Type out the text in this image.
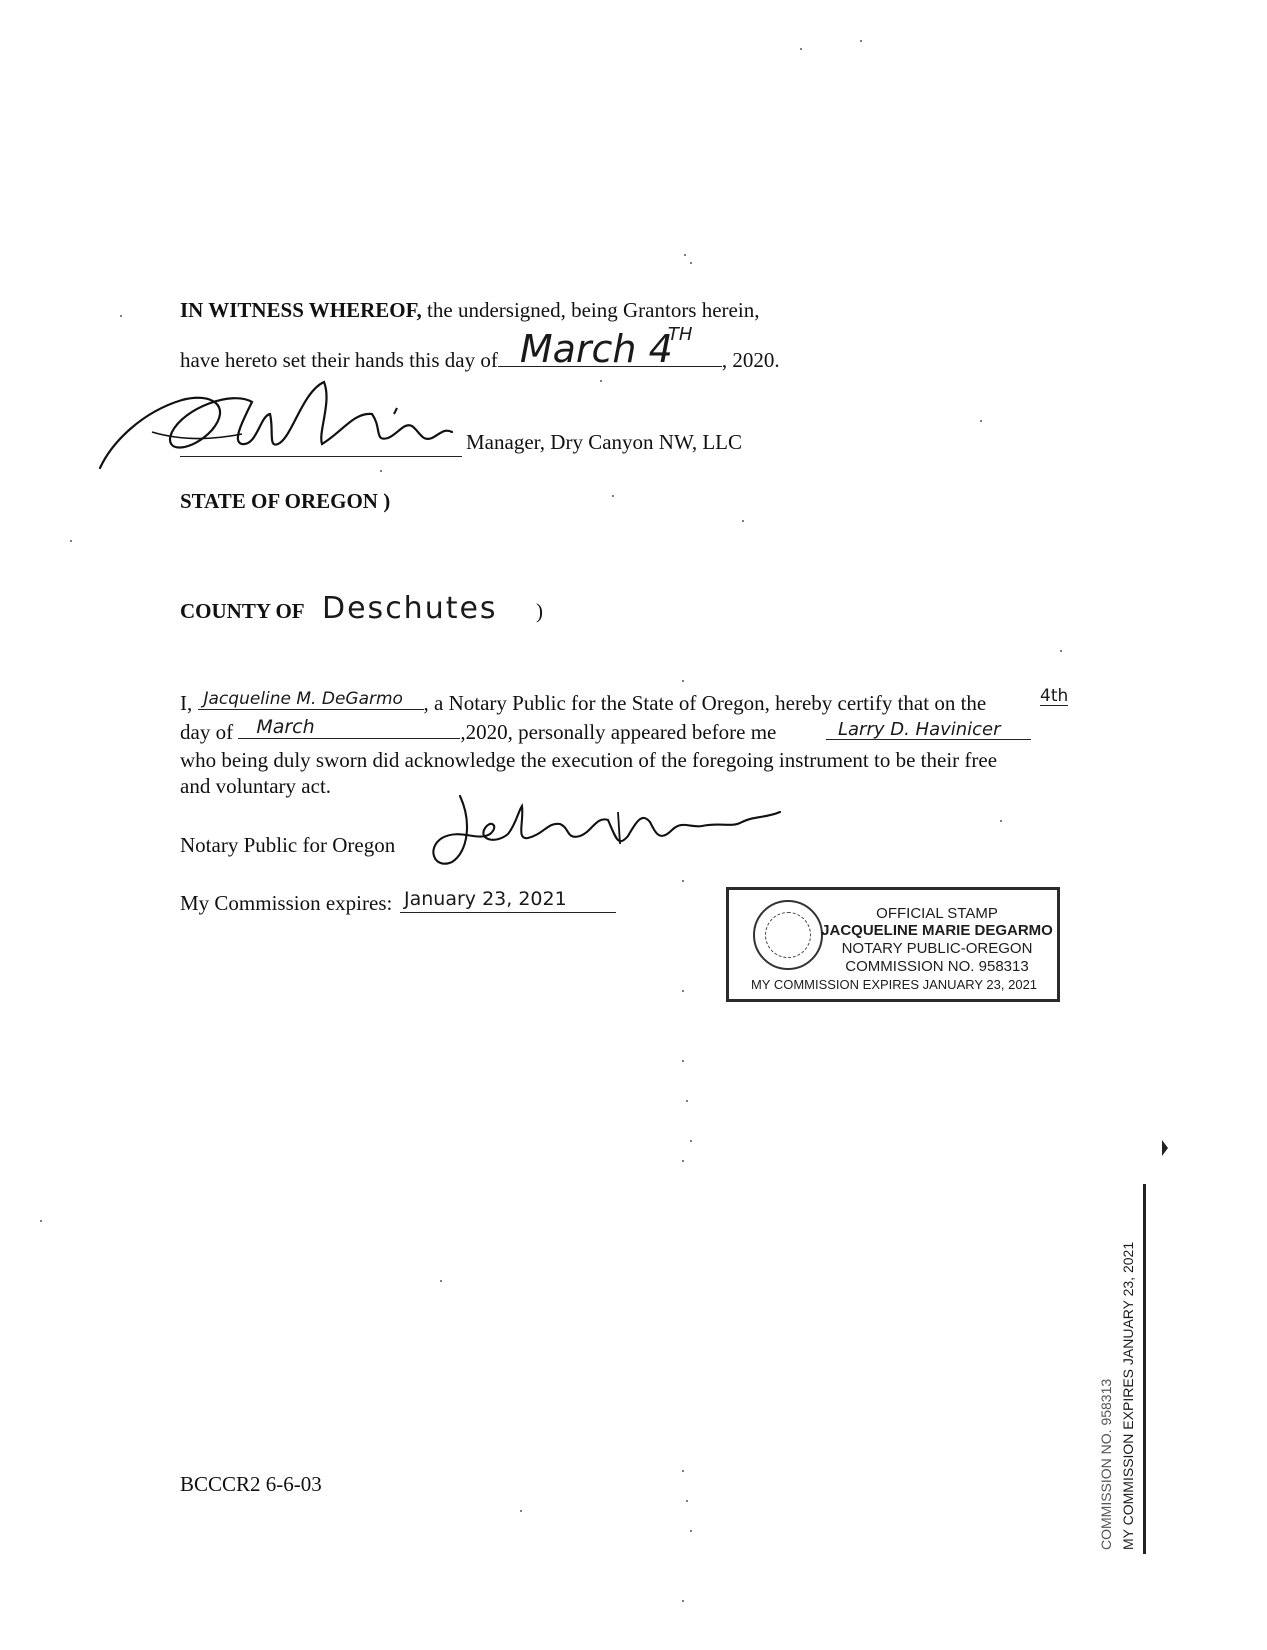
IN WITNESS WHEREOF, the undersigned, being Grantors herein,
have hereto set their hands this day of March 4
TH
, 2020.
Manager, Dry Canyon NW, LLC
STATE OF OREGON )
COUNTY OF Deschutes )
I, Jacqueline M. DeGarmo , a Notary Public for the State of Oregon, hereby certify that on the	4th
day of March	,2020, personally appeared before me	Larry D. Havinicer
who being duly sworn did acknowledge the execution of the foregoing instrument to be their free
and voluntary act.
Notary Public for Oregon
My Commission expires: January 23, 2021
OFFICIAL STAMP
JACQUELINE MARIE DEGARMO
NOTARY PUBLIC-OREGON
COMMISSION NO. 958313
MY COMMISSION EXPIRES JANUARY 23, 2021
MY COMMISSION EXPIRES JANUARY 23, 2021
COMMISSION NO. 958313
BCCCR2 6-6-03
